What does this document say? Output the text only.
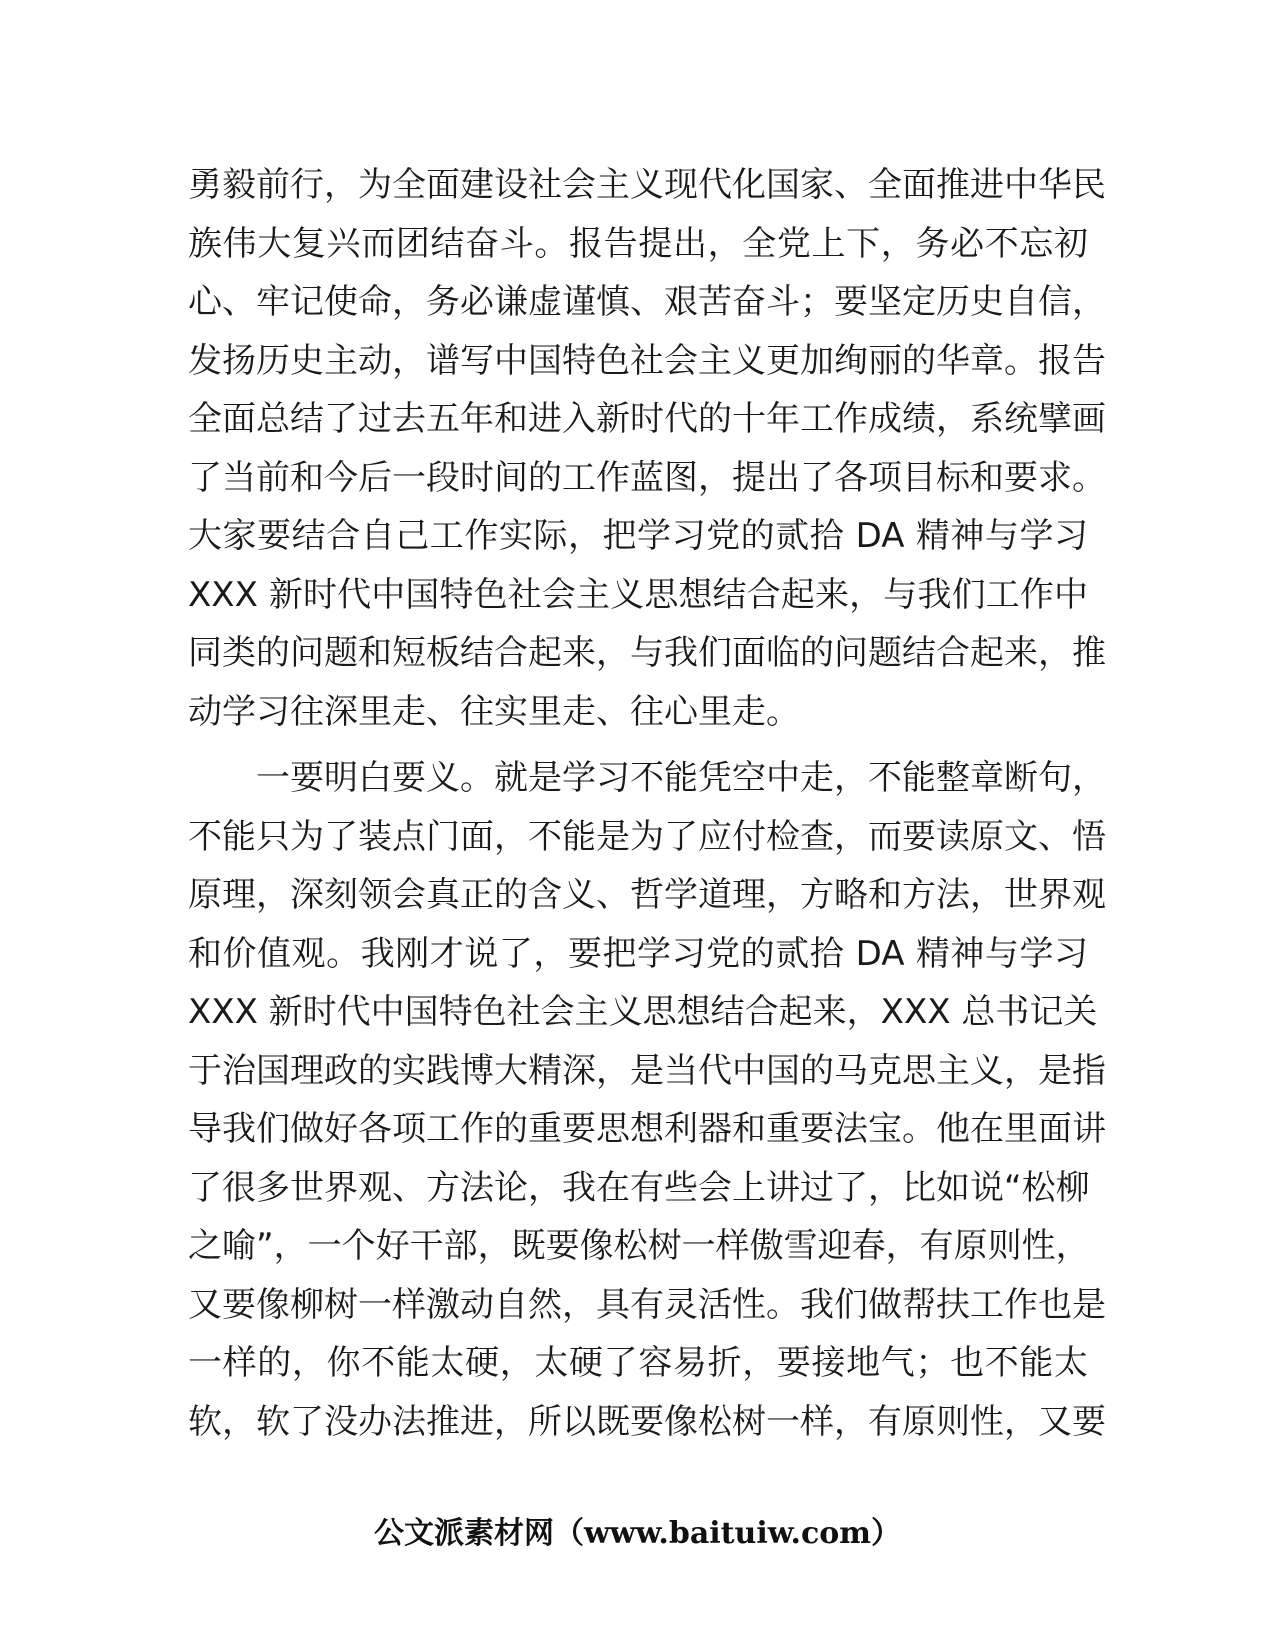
勇毅前行，为全面建设社会主义现代化国家、全面推进中华民
族伟大复兴而团结奋斗。报告提出，全党上下，务必不忘初
心、牢记使命，务必谦虚谨慎、艰苦奋斗；要坚定历史自信，
发扬历史主动，谱写中国特色社会主义更加绚丽的华章。报告
全面总结了过去五年和进入新时代的十年工作成绩，系统擘画
了当前和今后一段时间的工作蓝图，提出了各项目标和要求。
大家要结合自己工作实际，把学习党的贰拾 DA 精神与学习
XXX 新时代中国特色社会主义思想结合起来，与我们工作中
同类的问题和短板结合起来，与我们面临的问题结合起来，推
动学习往深里走、往实里走、往心里走。
一要明白要义。就是学习不能凭空中走，不能整章断句，
不能只为了装点门面，不能是为了应付检查，而要读原文、悟
原理，深刻领会真正的含义、哲学道理，方略和方法，世界观
和价值观。我刚才说了，要把学习党的贰拾 DA 精神与学习
XXX 新时代中国特色社会主义思想结合起来，XXX 总书记关
于治国理政的实践博大精深，是当代中国的马克思主义，是指
导我们做好各项工作的重要思想利器和重要法宝。他在里面讲
了很多世界观、方法论，我在有些会上讲过了，比如说“松柳
之喻”，一个好干部，既要像松树一样傲雪迎春，有原则性，
又要像柳树一样激动自然，具有灵活性。我们做帮扶工作也是
一样的，你不能太硬，太硬了容易折，要接地气；也不能太
软，软了没办法推进，所以既要像松树一样，有原则性，又要
公文派素材网（www.baituiw.com）
